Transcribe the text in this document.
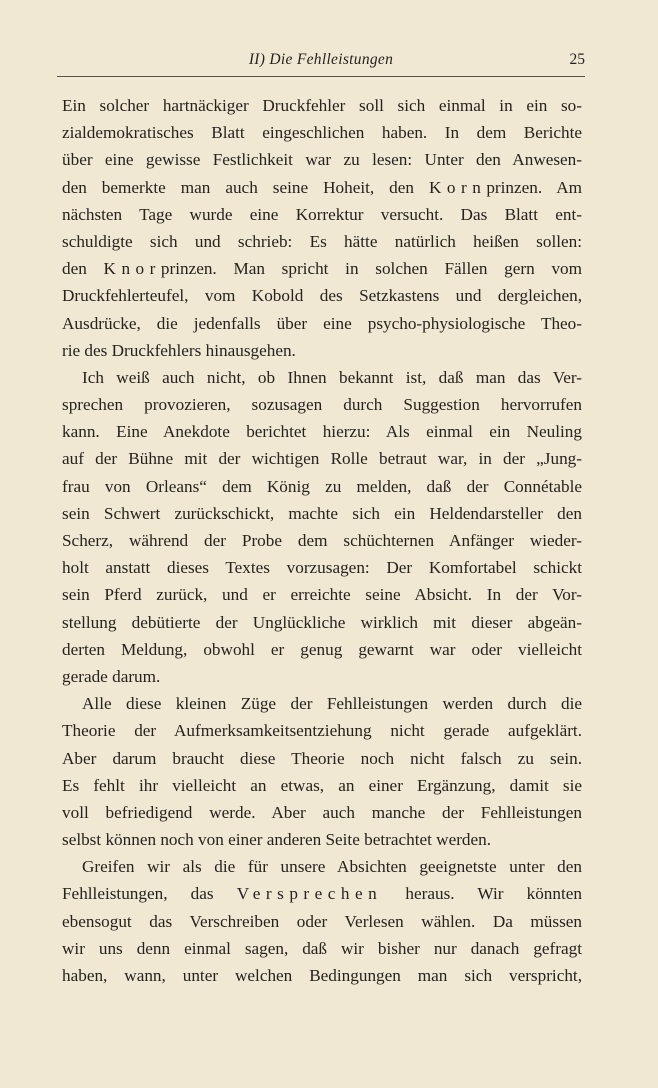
II) Die Fehlleistungen	25
Ein solcher hartnäckiger Druckfehler soll sich einmal in ein so-
zialdemokratisches Blatt eingeschlichen haben. In dem Berichte
über eine gewisse Festlichkeit war zu lesen: Unter den Anwesen-
den bemerkte man auch seine Hoheit, den Kornprinzen. Am
nächsten Tage wurde eine Korrektur versucht. Das Blatt ent-
schuldigte sich und schrieb: Es hätte natürlich heißen sollen:
den Knorprinzen. Man spricht in solchen Fällen gern vom
Druckfehlerteufel, vom Kobold des Setzkastens und dergleichen,
Ausdrücke, die jedenfalls über eine psycho-physiologische Theo-
rie des Druckfehlers hinausgehen.
Ich weiß auch nicht, ob Ihnen bekannt ist, daß man das Ver-
sprechen provozieren, sozusagen durch Suggestion hervorrufen
kann. Eine Anekdote berichtet hierzu: Als einmal ein Neuling
auf der Bühne mit der wichtigen Rolle betraut war, in der „Jung-
frau von Orleans“ dem König zu melden, daß der Connétable
sein Schwert zurückschickt, machte sich ein Heldendarsteller den
Scherz, während der Probe dem schüchternen Anfänger wieder-
holt anstatt dieses Textes vorzusagen: Der Komfortabel schickt
sein Pferd zurück, und er erreichte seine Absicht. In der Vor-
stellung debütierte der Unglückliche wirklich mit dieser abgeän-
derten Meldung, obwohl er genug gewarnt war oder vielleicht
gerade darum.
Alle diese kleinen Züge der Fehlleistungen werden durch die
Theorie der Aufmerksamkeitsentziehung nicht gerade aufgeklärt.
Aber darum braucht diese Theorie noch nicht falsch zu sein.
Es fehlt ihr vielleicht an etwas, an einer Ergänzung, damit sie
voll befriedigend werde. Aber auch manche der Fehlleistungen
selbst können noch von einer anderen Seite betrachtet werden.
Greifen wir als die für unsere Absichten geeignetste unter den
Fehlleistungen, das Versprechen heraus. Wir könnten
ebensogut das Verschreiben oder Verlesen wählen. Da müssen
wir uns denn einmal sagen, daß wir bisher nur danach gefragt
haben, wann, unter welchen Bedingungen man sich verspricht,
